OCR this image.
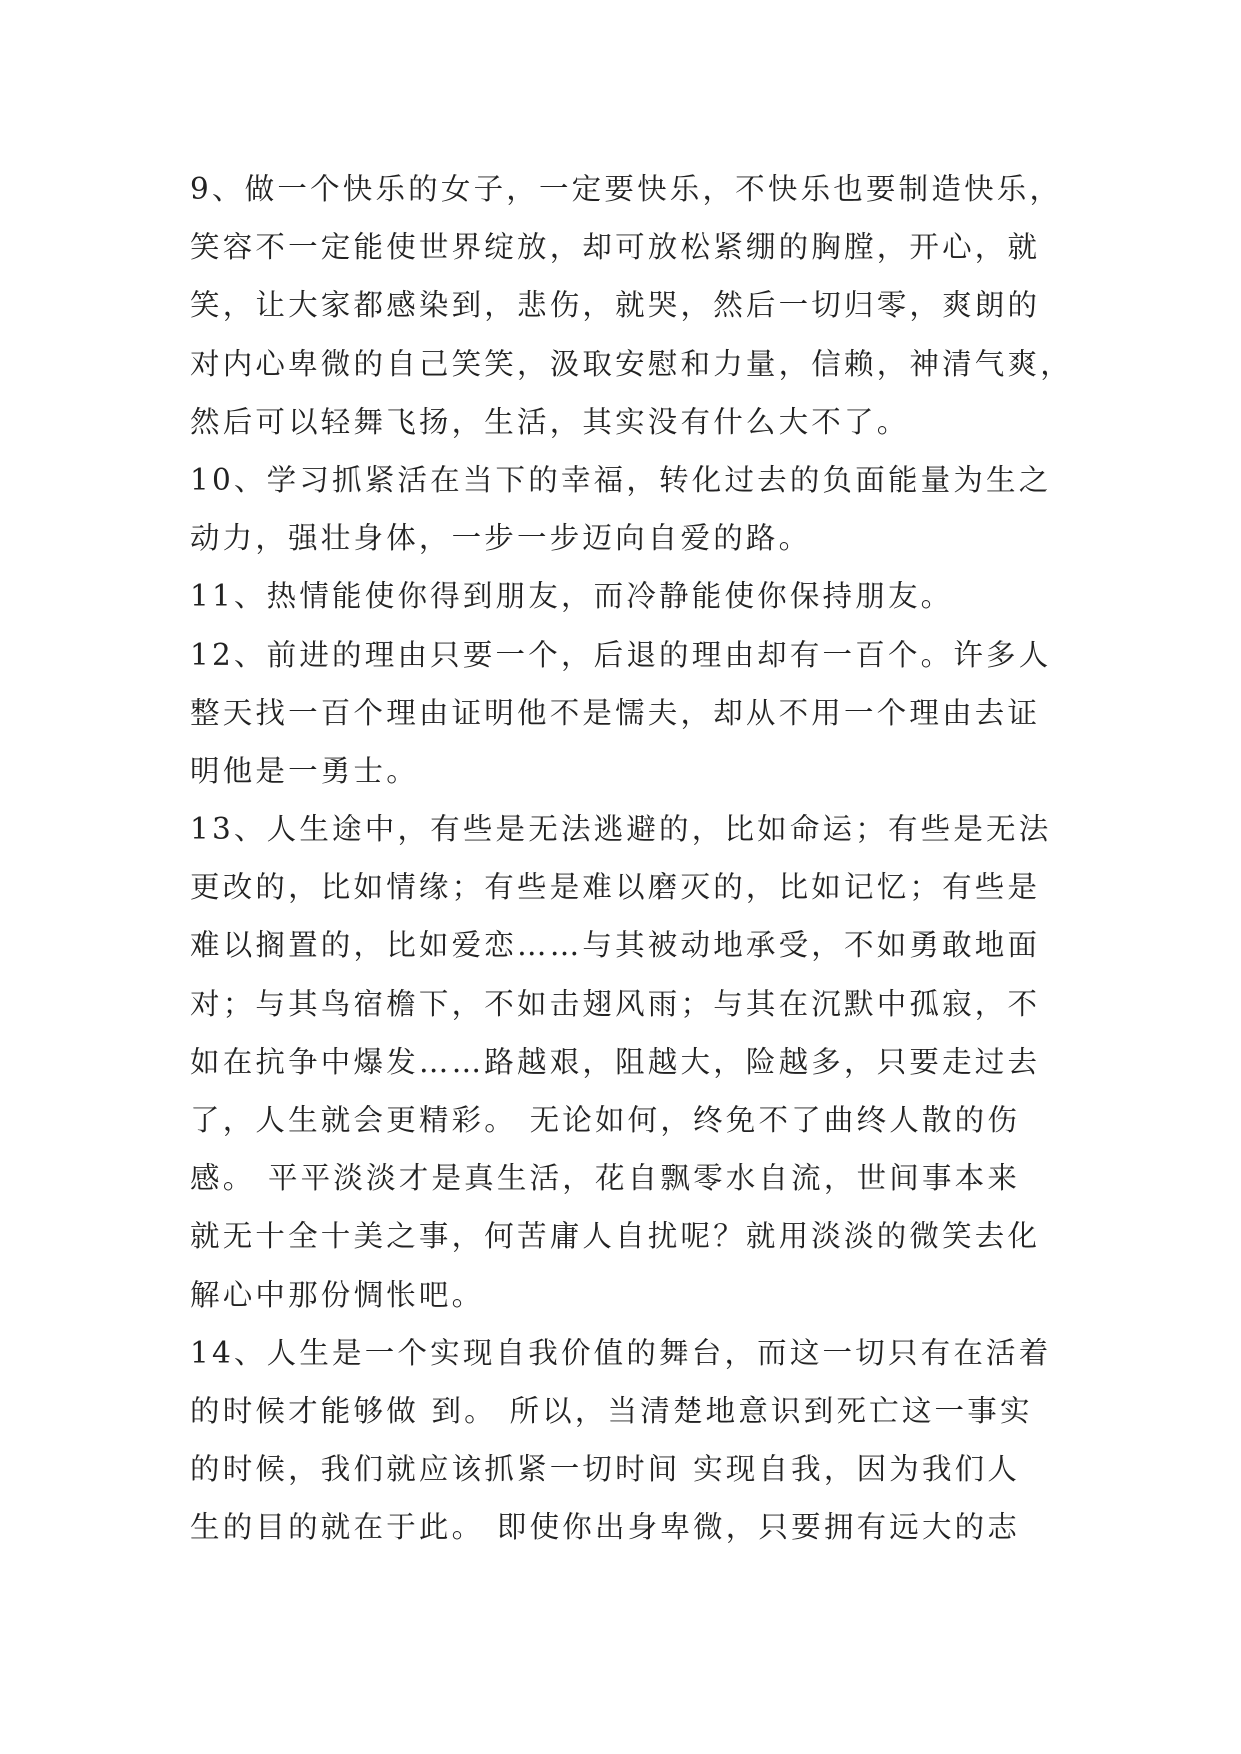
9、做一个快乐的女子，一定要快乐，不快乐也要制造快乐，
笑容不一定能使世界绽放，却可放松紧绷的胸膛，开心，就
笑，让大家都感染到，悲伤，就哭，然后一切归零，爽朗的
对内心卑微的自己笑笑，汲取安慰和力量，信赖，神清气爽，
然后可以轻舞飞扬，生活，其实没有什么大不了。
10、学习抓紧活在当下的幸福，转化过去的负面能量为生之
动力，强壮身体，一步一步迈向自爱的路。
11、热情能使你得到朋友，而冷静能使你保持朋友。
12、前进的理由只要一个，后退的理由却有一百个。许多人
整天找一百个理由证明他不是懦夫，却从不用一个理由去证
明他是一勇士。
13、人生途中，有些是无法逃避的，比如命运；有些是无法
更改的，比如情缘；有些是难以磨灭的，比如记忆；有些是
难以搁置的，比如爱恋……与其被动地承受，不如勇敢地面
对；与其鸟宿檐下，不如击翅风雨；与其在沉默中孤寂，不
如在抗争中爆发……路越艰，阻越大，险越多，只要走过去
了，人生就会更精彩。 无论如何，终免不了曲终人散的伤
感。 平平淡淡才是真生活，花自飘零水自流，世间事本来
就无十全十美之事，何苦庸人自扰呢？就用淡淡的微笑去化
解心中那份惆怅吧。
14、人生是一个实现自我价值的舞台，而这一切只有在活着
的时候才能够做 到。 所以，当清楚地意识到死亡这一事实
的时候，我们就应该抓紧一切时间 实现自我，因为我们人
生的目的就在于此。 即使你出身卑微，只要拥有远大的志
